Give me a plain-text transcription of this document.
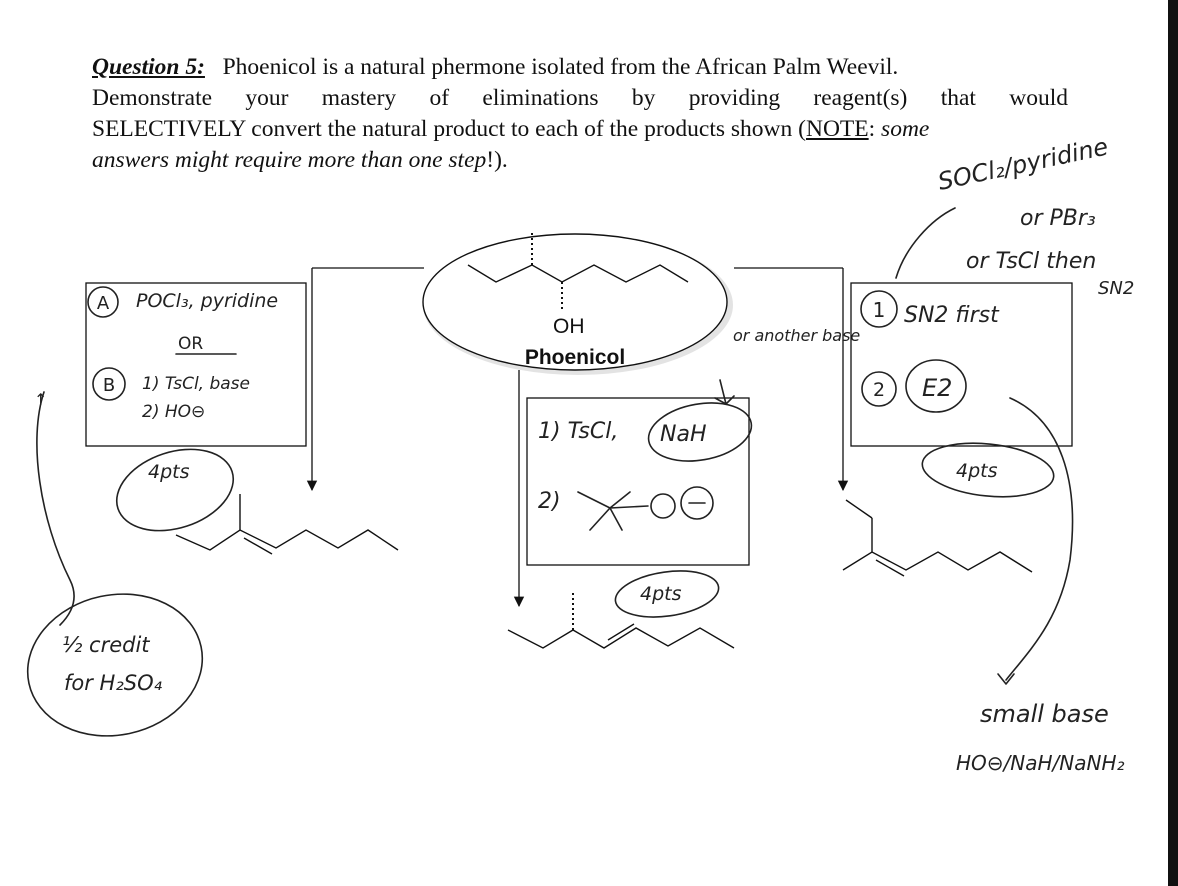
Question 5: Phoenicol is a natural phermone isolated from the African Palm Weevil.
Demonstrate your mastery of eliminations by providing reagent(s) that would
SELECTIVELY convert the natural product to each of the products shown (NOTE: some
answers might require more than one step!).
OH
Phoenicol
A POCl₃, pyridine
OR
B 1) TsCl, base
2) HO⊖
4pts
↑
½ credit
for H₂SO₄
1) TsCl, NaH
2)
or another base
4pts
1 SN2 first
2 E2
4pts
SOCl₂/pyridine
or PBr₃
or TsCl then
SN2
small base
HO⊖/NaH/NaNH₂
